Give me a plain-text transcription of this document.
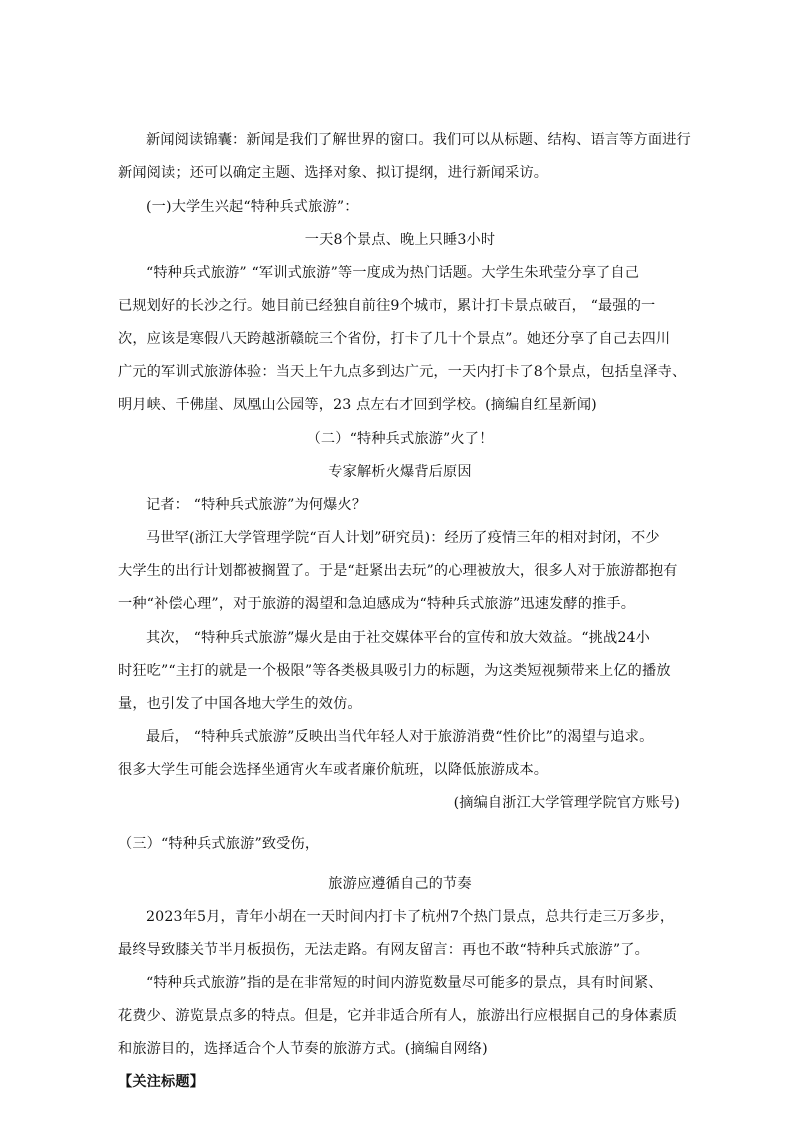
新闻阅读锦囊：新闻是我们了解世界的窗口。我们可以从标题、结构、语言等方面进行
新闻阅读；还可以确定主题、选择对象、拟订提纲，进行新闻采访。
(一)大学生兴起“特种兵式旅游”：
一天8个景点、晚上只睡3小时
“特种兵式旅游” “军训式旅游”等一度成为热门话题。大学生朱玳莹分享了自己
已规划好的长沙之行。她目前已经独自前往9个城市，累计打卡景点破百， “最强的一
次，应该是寒假八天跨越浙赣皖三个省份，打卡了几十个景点”。她还分享了自己去四川
广元的军训式旅游体验：当天上午九点多到达广元，一天内打卡了8个景点，包括皇泽寺、
明月峡、千佛崖、凤凰山公园等，23 点左右才回到学校。(摘编自红星新闻)
（二）“特种兵式旅游”火了！
专家解析火爆背后原因
记者： “特种兵式旅游”为何爆火？
马世罕(浙江大学管理学院“百人计划”研究员)：经历了疫情三年的相对封闭，不少
大学生的出行计划都被搁置了。于是“赶紧出去玩”的心理被放大，很多人对于旅游都抱有
一种“补偿心理”，对于旅游的渴望和急迫感成为“特种兵式旅游”迅速发酵的推手。
其次， “特种兵式旅游”爆火是由于社交媒体平台的宣传和放大效益。“挑战24小
时狂吃”“主打的就是一个极限”等各类极具吸引力的标题，为这类短视频带来上亿的播放
量，也引发了中国各地大学生的效仿。
最后， “特种兵式旅游”反映出当代年轻人对于旅游消费“性价比”的渴望与追求。
很多大学生可能会选择坐通宵火车或者廉价航班，以降低旅游成本。
(摘编自浙江大学管理学院官方账号)
（三）“特种兵式旅游”致受伤，
旅游应遵循自己的节奏
2023年5月，青年小胡在一天时间内打卡了杭州7个热门景点，总共行走三万多步，
最终导致膝关节半月板损伤，无法走路。有网友留言：再也不敢“特种兵式旅游”了。
“特种兵式旅游”指的是在非常短的时间内游览数量尽可能多的景点，具有时间紧、
花费少、游览景点多的特点。但是，它并非适合所有人，旅游出行应根据自己的身体素质
和旅游目的，选择适合个人节奏的旅游方式。(摘编自网络)
【关注标题】
